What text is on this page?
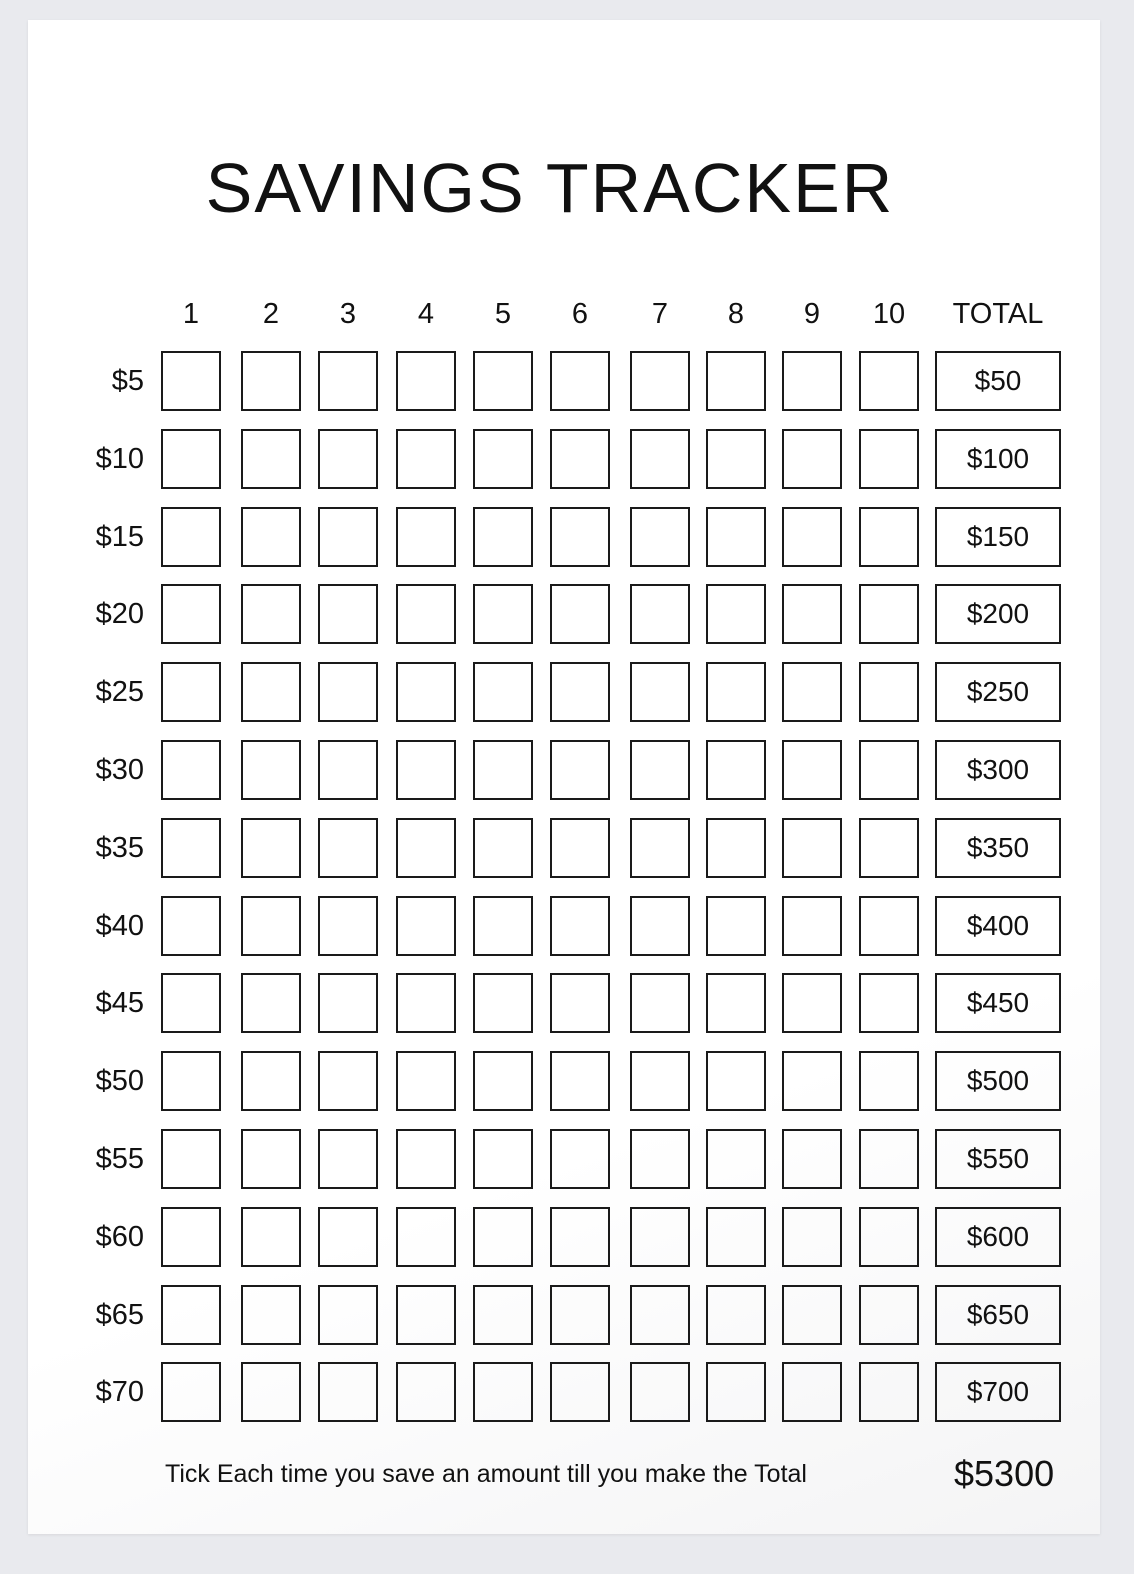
SAVINGS TRACKER
1	2	3	4	5	6	7	8	9	10	TOTAL
$5	$50
$10	$100
$15	$150
$20	$200
$25	$250
$30	$300
$35	$350
$40	$400
$45	$450
$50	$500
$55	$550
$60	$600
$65	$650
$70	$700
Tick Each time you save an amount till you make the Total	$5300
